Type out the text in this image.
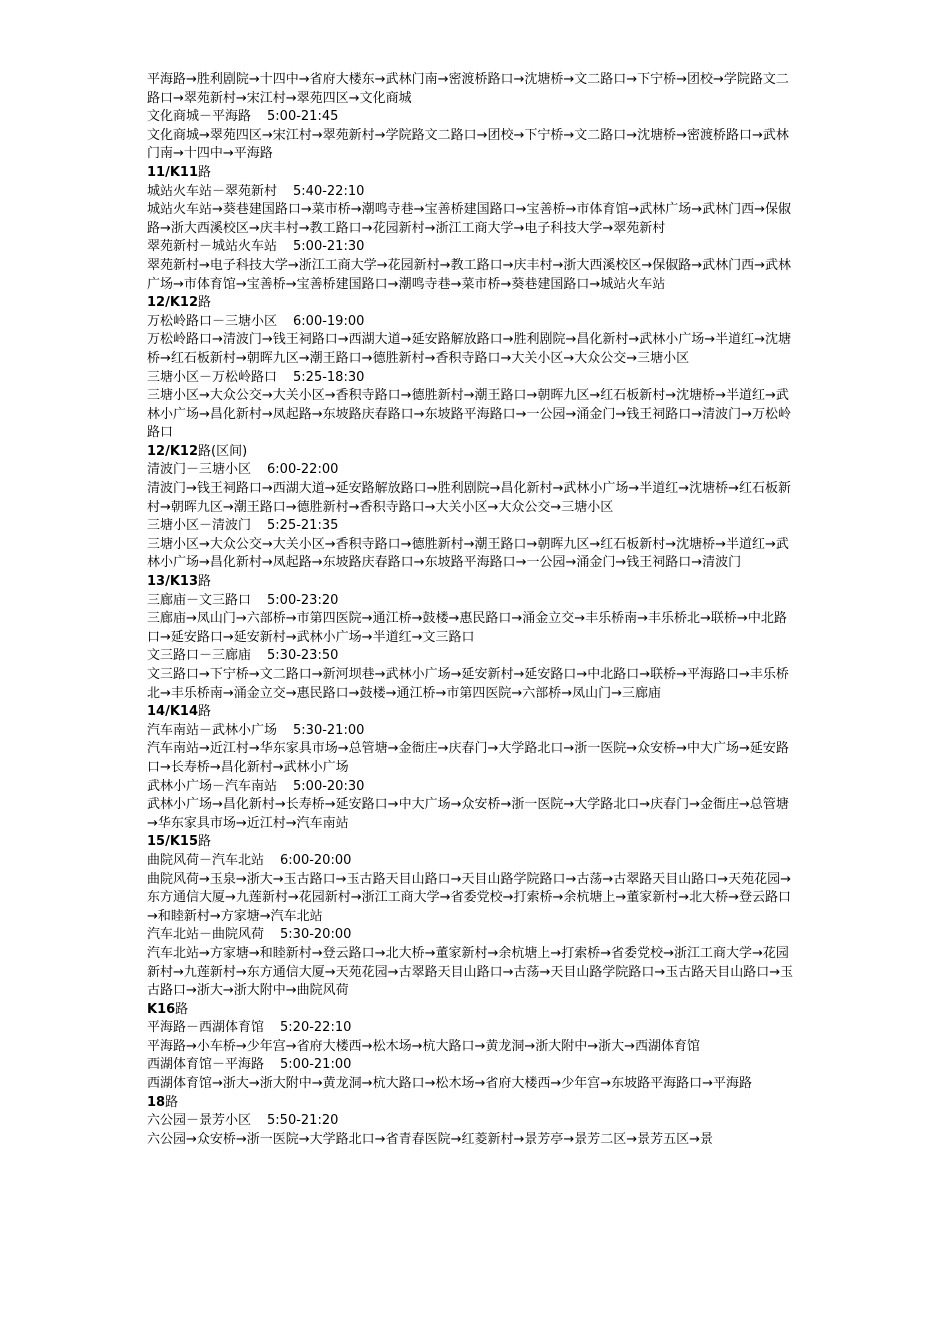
平海路→胜利剧院→十四中→省府大楼东→武林门南→密渡桥路口→沈塘桥→文二路口→下宁桥→团校→学院路文二路口→翠苑新村→宋江村→翠苑四区→文化商城
文化商城－平海路 5:00-21:45
文化商城→翠苑四区→宋江村→翠苑新村→学院路文二路口→团校→下宁桥→文二路口→沈塘桥→密渡桥路口→武林门南→十四中→平海路
11/K11路
城站火车站－翠苑新村 5:40-22:10
城站火车站→葵巷建国路口→菜市桥→潮鸣寺巷→宝善桥建国路口→宝善桥→市体育馆→武林广场→武林门西→保俶路→浙大西溪校区→庆丰村→教工路口→花园新村→浙江工商大学→电子科技大学→翠苑新村
翠苑新村－城站火车站 5:00-21:30
翠苑新村→电子科技大学→浙江工商大学→花园新村→教工路口→庆丰村→浙大西溪校区→保俶路→武林门西→武林广场→市体育馆→宝善桥→宝善桥建国路口→潮鸣寺巷→菜市桥→葵巷建国路口→城站火车站
12/K12路
万松岭路口－三塘小区 6:00-19:00
万松岭路口→清波门→钱王祠路口→西湖大道→延安路解放路口→胜利剧院→昌化新村→武林小广场→半道红→沈塘桥→红石板新村→朝晖九区→潮王路口→德胜新村→香积寺路口→大关小区→大众公交→三塘小区
三塘小区－万松岭路口 5:25-18:30
三塘小区→大众公交→大关小区→香积寺路口→德胜新村→潮王路口→朝晖九区→红石板新村→沈塘桥→半道红→武林小广场→昌化新村→凤起路→东坡路庆春路口→东坡路平海路口→一公园→涌金门→钱王祠路口→清波门→万松岭路口
12/K12路(区间)
清波门－三塘小区 6:00-22:00
清波门→钱王祠路口→西湖大道→延安路解放路口→胜利剧院→昌化新村→武林小广场→半道红→沈塘桥→红石板新村→朝晖九区→潮王路口→德胜新村→香积寺路口→大关小区→大众公交→三塘小区
三塘小区－清波门 5:25-21:35
三塘小区→大众公交→大关小区→香积寺路口→德胜新村→潮王路口→朝晖九区→红石板新村→沈塘桥→半道红→武林小广场→昌化新村→凤起路→东坡路庆春路口→东坡路平海路口→一公园→涌金门→钱王祠路口→清波门
13/K13路
三廊庙－文三路口 5:00-23:20
三廊庙→凤山门→六部桥→市第四医院→通江桥→鼓楼→惠民路口→涌金立交→丰乐桥南→丰乐桥北→联桥→中北路口→延安路口→延安新村→武林小广场→半道红→文三路口
文三路口－三廊庙 5:30-23:50
文三路口→下宁桥→文二路口→新河坝巷→武林小广场→延安新村→延安路口→中北路口→联桥→平海路口→丰乐桥北→丰乐桥南→涌金立交→惠民路口→鼓楼→通江桥→市第四医院→六部桥→凤山门→三廊庙
14/K14路
汽车南站－武林小广场 5:30-21:00
汽车南站→近江村→华东家具市场→总管塘→金衙庄→庆春门→大学路北口→浙一医院→众安桥→中大广场→延安路口→长寿桥→昌化新村→武林小广场
武林小广场－汽车南站 5:00-20:30
武林小广场→昌化新村→长寿桥→延安路口→中大广场→众安桥→浙一医院→大学路北口→庆春门→金衙庄→总管塘→华东家具市场→近江村→汽车南站
15/K15路
曲院风荷－汽车北站 6:00-20:00
曲院风荷→玉泉→浙大→玉古路口→玉古路天目山路口→天目山路学院路口→古荡→古翠路天目山路口→天苑花园→东方通信大厦→九莲新村→花园新村→浙江工商大学→省委党校→打索桥→余杭塘上→董家新村→北大桥→登云路口→和睦新村→方家塘→汽车北站
汽车北站－曲院风荷 5:30-20:00
汽车北站→方家塘→和睦新村→登云路口→北大桥→董家新村→余杭塘上→打索桥→省委党校→浙江工商大学→花园新村→九莲新村→东方通信大厦→天苑花园→古翠路天目山路口→古荡→天目山路学院路口→玉古路天目山路口→玉古路口→浙大→浙大附中→曲院风荷
K16路
平海路－西湖体育馆 5:20-22:10
平海路→小车桥→少年宫→省府大楼西→松木场→杭大路口→黄龙洞→浙大附中→浙大→西湖体育馆
西湖体育馆－平海路 5:00-21:00
西湖体育馆→浙大→浙大附中→黄龙洞→杭大路口→松木场→省府大楼西→少年宫→东坡路平海路口→平海路
18路
六公园－景芳小区 5:50-21:20
六公园→众安桥→浙一医院→大学路北口→省青春医院→红菱新村→景芳亭→景芳二区→景芳五区→景
